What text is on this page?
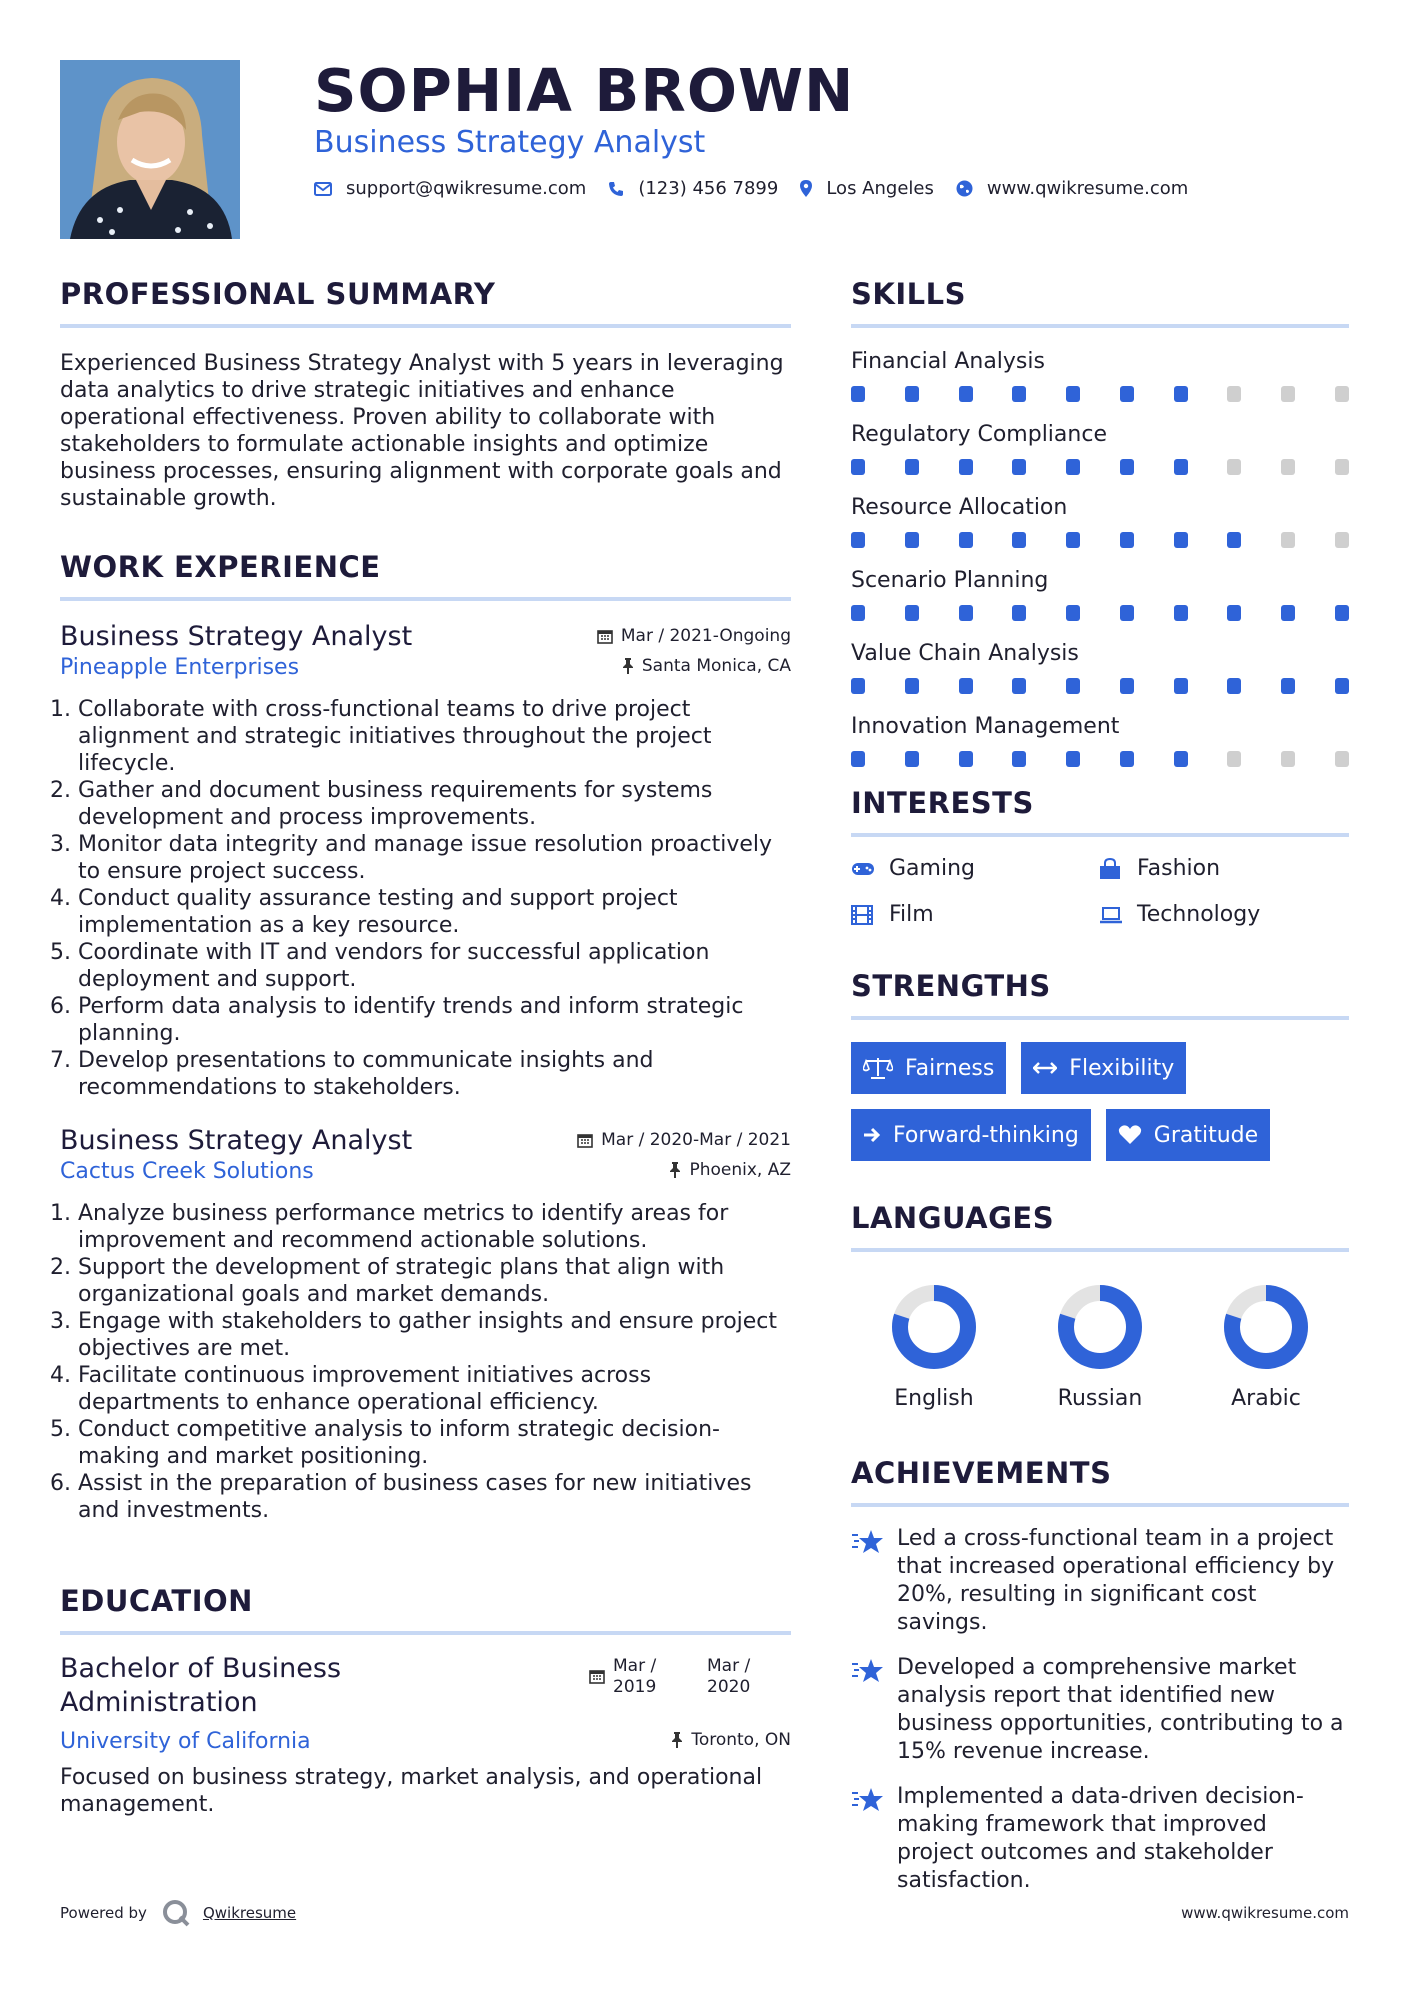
SOPHIA BROWN
Business Strategy Analyst
support@qwikresume.com	(123) 456 7899	Los Angeles	www.qwikresume.com
PROFESSIONAL SUMMARY
Experienced Business Strategy Analyst with 5 years in leveraging data analytics to drive strategic initiatives and enhance operational effectiveness. Proven ability to collaborate with stakeholders to formulate actionable insights and optimize business processes, ensuring alignment with corporate goals and sustainable growth.
WORK EXPERIENCE
Business Strategy Analyst	Mar / 2021-Ongoing
Pineapple Enterprises	Santa Monica, CA
1. Collaborate with cross-functional teams to drive project alignment and strategic initiatives throughout the project lifecycle.
2. Gather and document business requirements for systems development and process improvements.
3. Monitor data integrity and manage issue resolution proactively to ensure project success.
4. Conduct quality assurance testing and support project implementation as a key resource.
5. Coordinate with IT and vendors for successful application deployment and support.
6. Perform data analysis to identify trends and inform strategic planning.
7. Develop presentations to communicate insights and recommendations to stakeholders.
Business Strategy Analyst	Mar / 2020-Mar / 2021
Cactus Creek Solutions	Phoenix, AZ
1. Analyze business performance metrics to identify areas for improvement and recommend actionable solutions.
2. Support the development of strategic plans that align with organizational goals and market demands.
3. Engage with stakeholders to gather insights and ensure project objectives are met.
4. Facilitate continuous improvement initiatives across departments to enhance operational efficiency.
5. Conduct competitive analysis to inform strategic decision-making and market positioning.
6. Assist in the preparation of business cases for new initiatives and investments.
EDUCATION
Bachelor of Business Administration
Mar / 2019
Mar / 2020
University of California	Toronto, ON
Focused on business strategy, market analysis, and operational management.
SKILLS
Financial Analysis
Regulatory Compliance
Resource Allocation
Scenario Planning
Value Chain Analysis
Innovation Management
INTERESTS
Gaming	Fashion
Film	Technology
STRENGTHS
Fairness	Flexibility
Forward-thinking	Gratitude
LANGUAGES
English	Russian	Arabic
ACHIEVEMENTS
Led a cross-functional team in a project that increased operational efficiency by 20%, resulting in significant cost savings.
Developed a comprehensive market analysis report that identified new business opportunities, contributing to a 15% revenue increase.
Implemented a data-driven decision-making framework that improved project outcomes and stakeholder satisfaction.
Powered by	Qwikresume	www.qwikresume.com
